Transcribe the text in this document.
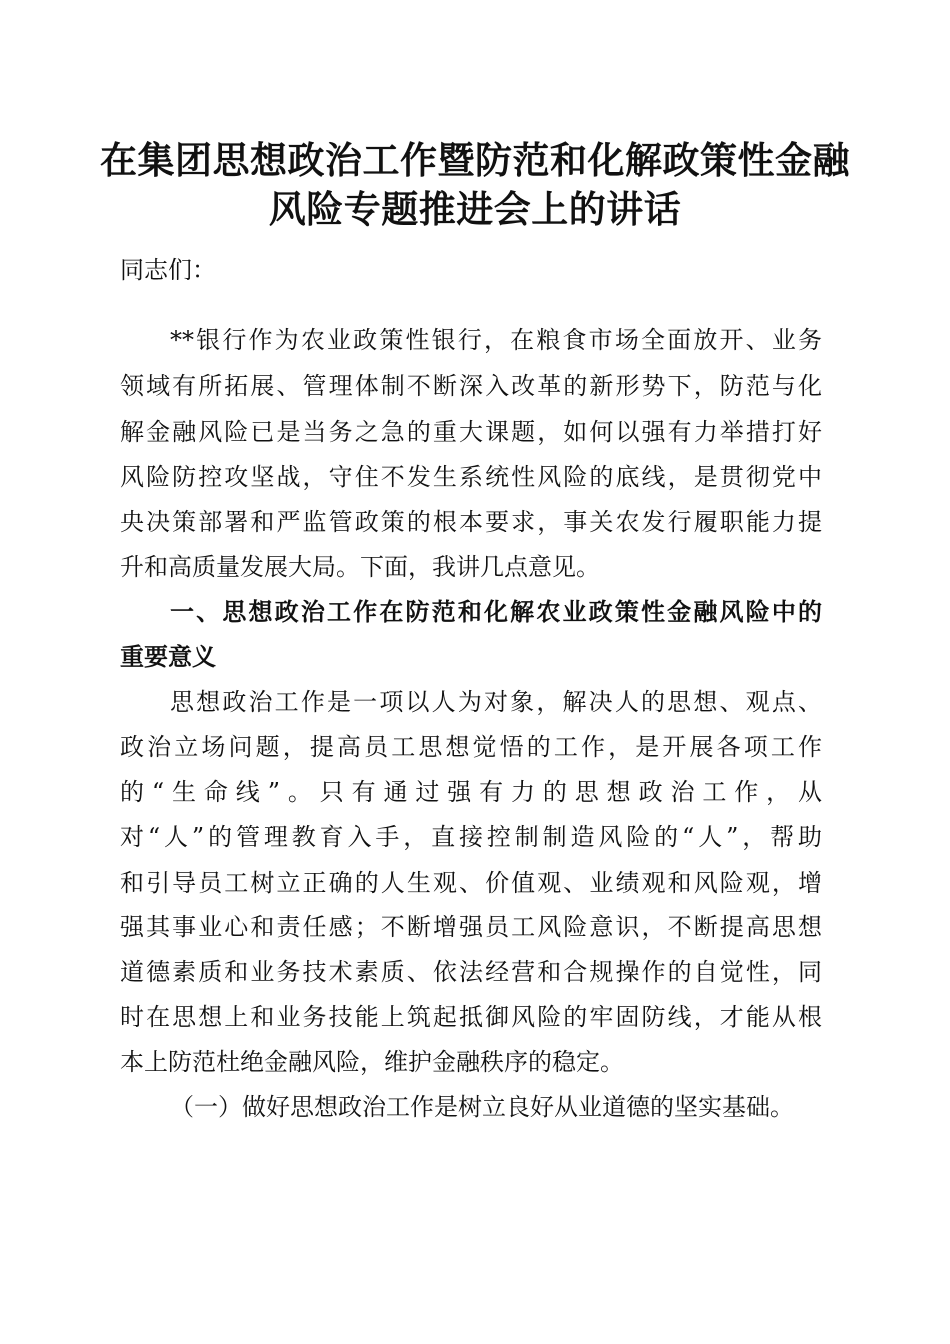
在集团思想政治工作暨防范和化解政策性金融
风险专题推进会上的讲话
同志们：
**银行作为农业政策性银行，在粮食市场全面放开、业务
领域有所拓展、管理体制不断深入改革的新形势下，防范与化
解金融风险已是当务之急的重大课题，如何以强有力举措打好
风险防控攻坚战，守住不发生系统性风险的底线，是贯彻党中
央决策部署和严监管政策的根本要求，事关农发行履职能力提
升和高质量发展大局。下面，我讲几点意见。
一、思想政治工作在防范和化解农业政策性金融风险中的
重要意义
思想政治工作是一项以人为对象，解决人的思想、观点、
政治立场问题，提高员工思想觉悟的工作，是开展各项工作
的“生命线”。只有通过强有力的思想政治工作，从
对“人”的管理教育入手，直接控制制造风险的“人”，帮助
和引导员工树立正确的人生观、价值观、业绩观和风险观，增
强其事业心和责任感；不断增强员工风险意识，不断提高思想
道德素质和业务技术素质、依法经营和合规操作的自觉性，同
时在思想上和业务技能上筑起抵御风险的牢固防线，才能从根
本上防范杜绝金融风险，维护金融秩序的稳定。
（一）做好思想政治工作是树立良好从业道德的坚实基础。
